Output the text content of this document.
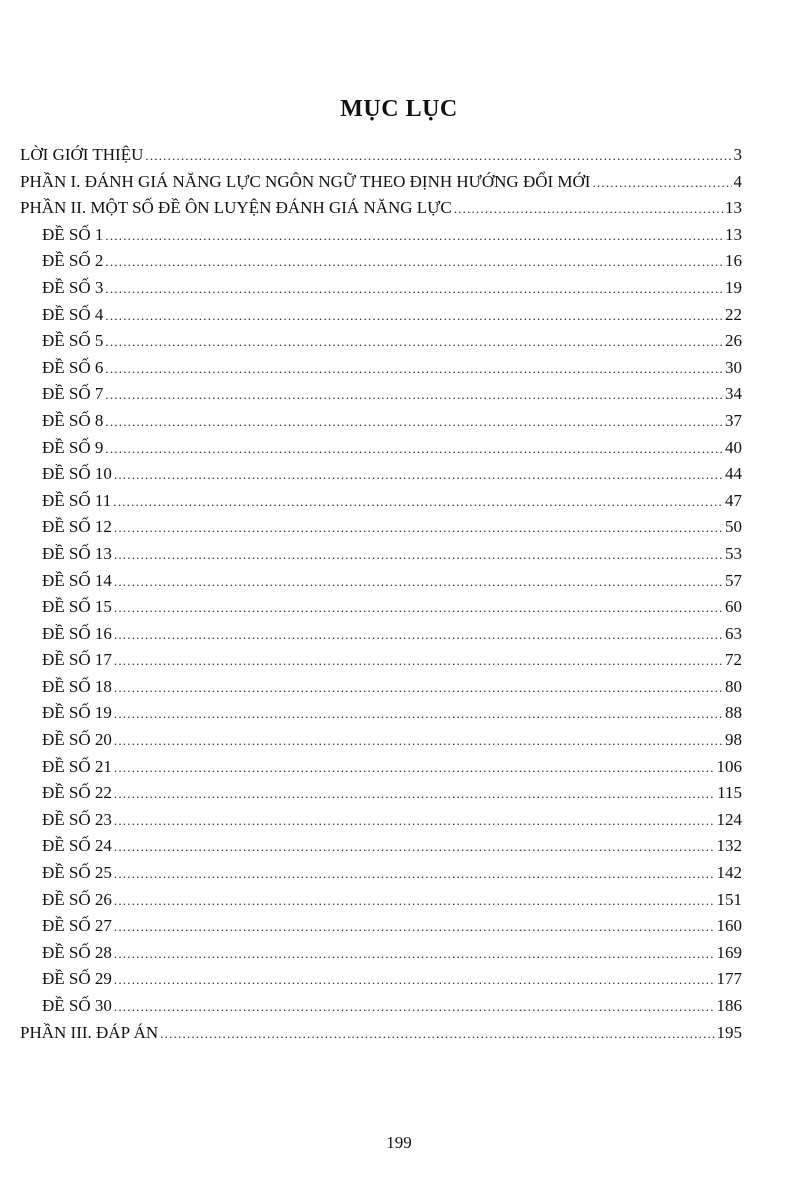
MỤC LỤC
LỜI GIỚI THIỆU .....	3
PHẦN I. ĐÁNH GIÁ NĂNG LỰC NGÔN NGỮ THEO ĐỊNH HƯỚNG ĐỔI MỚI .....	4
PHẦN II. MỘT SỐ ĐỀ ÔN LUYỆN ĐÁNH GIÁ NĂNG LỰC .....	13
ĐỀ SỐ 1 .....	13
ĐỀ SỐ 2 .....	16
ĐỀ SỐ 3 .....	19
ĐỀ SỐ 4 .....	22
ĐỀ SỐ 5 .....	26
ĐỀ SỐ 6 .....	30
ĐỀ SỐ 7 .....	34
ĐỀ SỐ 8 .....	37
ĐỀ SỐ 9 .....	40
ĐỀ SỐ 10 .....	44
ĐỀ SỐ 11 .....	47
ĐỀ SỐ 12 .....	50
ĐỀ SỐ 13 .....	53
ĐỀ SỐ 14 .....	57
ĐỀ SỐ 15 .....	60
ĐỀ SỐ 16 .....	63
ĐỀ SỐ 17 .....	72
ĐỀ SỐ 18 .....	80
ĐỀ SỐ 19 .....	88
ĐỀ SỐ 20 .....	98
ĐỀ SỐ 21 .....	106
ĐỀ SỐ 22 .....	115
ĐỀ SỐ 23 .....	124
ĐỀ SỐ 24 .....	132
ĐỀ SỐ 25 .....	142
ĐỀ SỐ 26 .....	151
ĐỀ SỐ 27 .....	160
ĐỀ SỐ 28 .....	169
ĐỀ SỐ 29 .....	177
ĐỀ SỐ 30 .....	186
PHẦN III. ĐÁP ÁN .....	195
199
